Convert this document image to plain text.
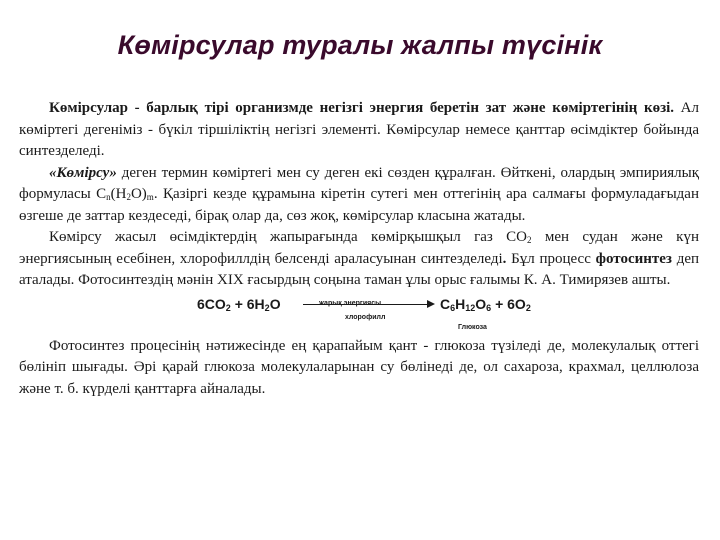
Көмірсулар туралы жалпы түсінік

Көмірсулар - барлық тірі организмде негізгі энергия беретін зат және көміртегінің көзі. Ал көміртегі дегеніміз - бүкіл тіршіліктің негізгі элементі. Көмірсулар немесе қанттар өсімдіктер бойында синтезделеді.

«Көмірсу» деген термин көміртегі мен су деген екі сөзден құралған. Өйткені, олардың эмпириялық формуласы $C_n(H_2O)_m$. Қазіргі кезде құрамына кіретін сутегі мен оттегінің ара салмағы формуладағыдан өзгеше де заттар кездеседі, бірақ олар да, сөз жоқ, көмірсулар класына жатады.

Көмірсу жасыл өсімдіктердің жапырағында көмірқышқыл газ $CO_2$ мен судан және күн энергиясының есебінен, хлорофиллдің белсенді араласуынан синтезделеді. Бұл процесс фотосинтез деп аталады. Фотосинтездің мәнін XIX ғасырдың соңына таман ұлы орыс ғалымы К. А. Тимирязев ашты.

$6CO_2 + 6H_2O$
хлорофилл
$C_6H_{12}O_6 + 6O_2$
Глюкоза

Фотосинтез процесінің нәтижесінде ең қарапайым қант - глюкоза түзіледі де, молекулалық оттегі бөлініп шығады. Әрі қарай глюкоза молекулаларынан су бөлінеді де, ол сахароза, крахмал, целлюлоза және т. б. күрделі қанттарға айналады.
